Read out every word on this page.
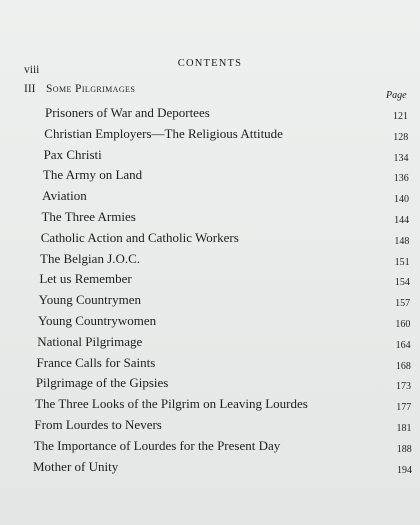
CONTENTS
viii
III Some Pilgrimages
Page
Prisoners of War and Deportees	121
Christian Employers—The Religious Attitude	128
Pax Christi	134
The Army on Land	136
Aviation	140
The Three Armies	144
Catholic Action and Catholic Workers	148
The Belgian J.O.C.	151
Let us Remember	154
Young Countrymen	157
Young Countrywomen	160
National Pilgrimage	164
France Calls for Saints	168
Pilgrimage of the Gipsies	173
The Three Looks of the Pilgrim on Leaving Lourdes	177
From Lourdes to Nevers	181
The Importance of Lourdes for the Present Day	188
Mother of Unity	194
